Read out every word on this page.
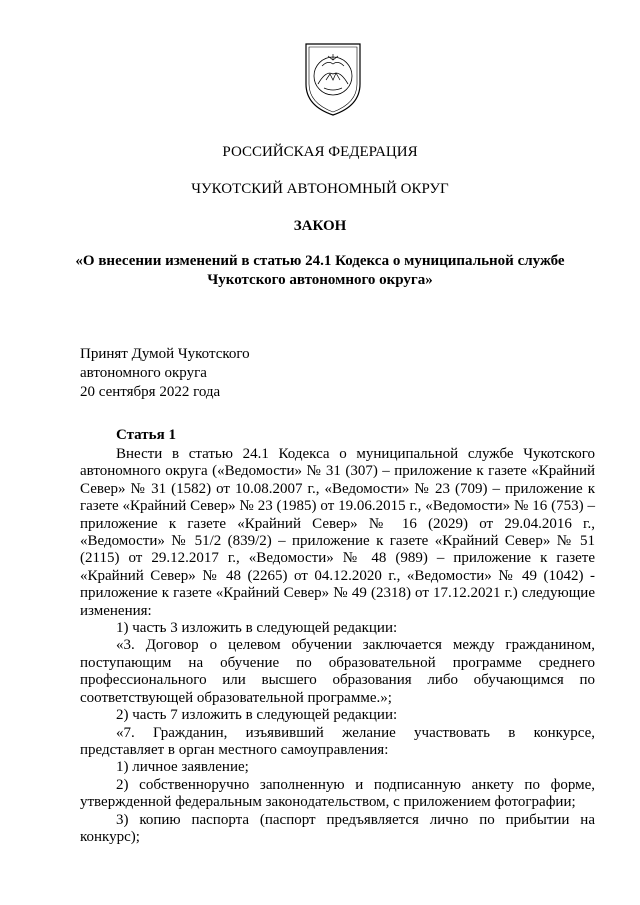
РОССИЙСКАЯ ФЕДЕРАЦИЯ
ЧУКОТСКИЙ АВТОНОМНЫЙ ОКРУГ
ЗАКОН
«О внесении изменений в статью 24.1 Кодекса о муниципальной службе
Чукотского автономного округа»
Принят Думой Чукотского
автономного округа
20 сентября 2022 года
Статья 1

Внести в статью 24.1 Кодекса о муниципальной службе Чукотского автономного округа («Ведомости» № 31 (307) – приложение к газете «Крайний Север» № 31 (1582) от 10.08.2007 г., «Ведомости» № 23 (709) – приложение к газете «Крайний Север» № 23 (1985) от 19.06.2015 г., «Ведомости» № 16 (753) – приложение к газете «Крайний Север» № 16 (2029) от 29.04.2016 г., «Ведомости» № 51/2 (839/2) – приложение к газете «Крайний Север» № 51 (2115) от 29.12.2017 г., «Ведомости» № 48 (989) – приложение к газете «Крайний Север» № 48 (2265) от 04.12.2020 г., «Ведомости» № 49 (1042) - приложение к газете «Крайний Север» № 49 (2318) от 17.12.2021 г.) следующие изменения:

1) часть 3 изложить в следующей редакции:

«3. Договор о целевом обучении заключается между гражданином, поступающим на обучение по образовательной программе среднего профессионального или высшего образования либо обучающимся по соответствующей образовательной программе.»;

2) часть 7 изложить в следующей редакции:

«7. Гражданин, изъявивший желание участвовать в конкурсе, представляет в орган местного самоуправления:

1) личное заявление;

2) собственноручно заполненную и подписанную анкету по форме, утвержденной федеральным законодательством, с приложением фотографии;

3) копию паспорта (паспорт предъявляется лично по прибытии на конкурс);
